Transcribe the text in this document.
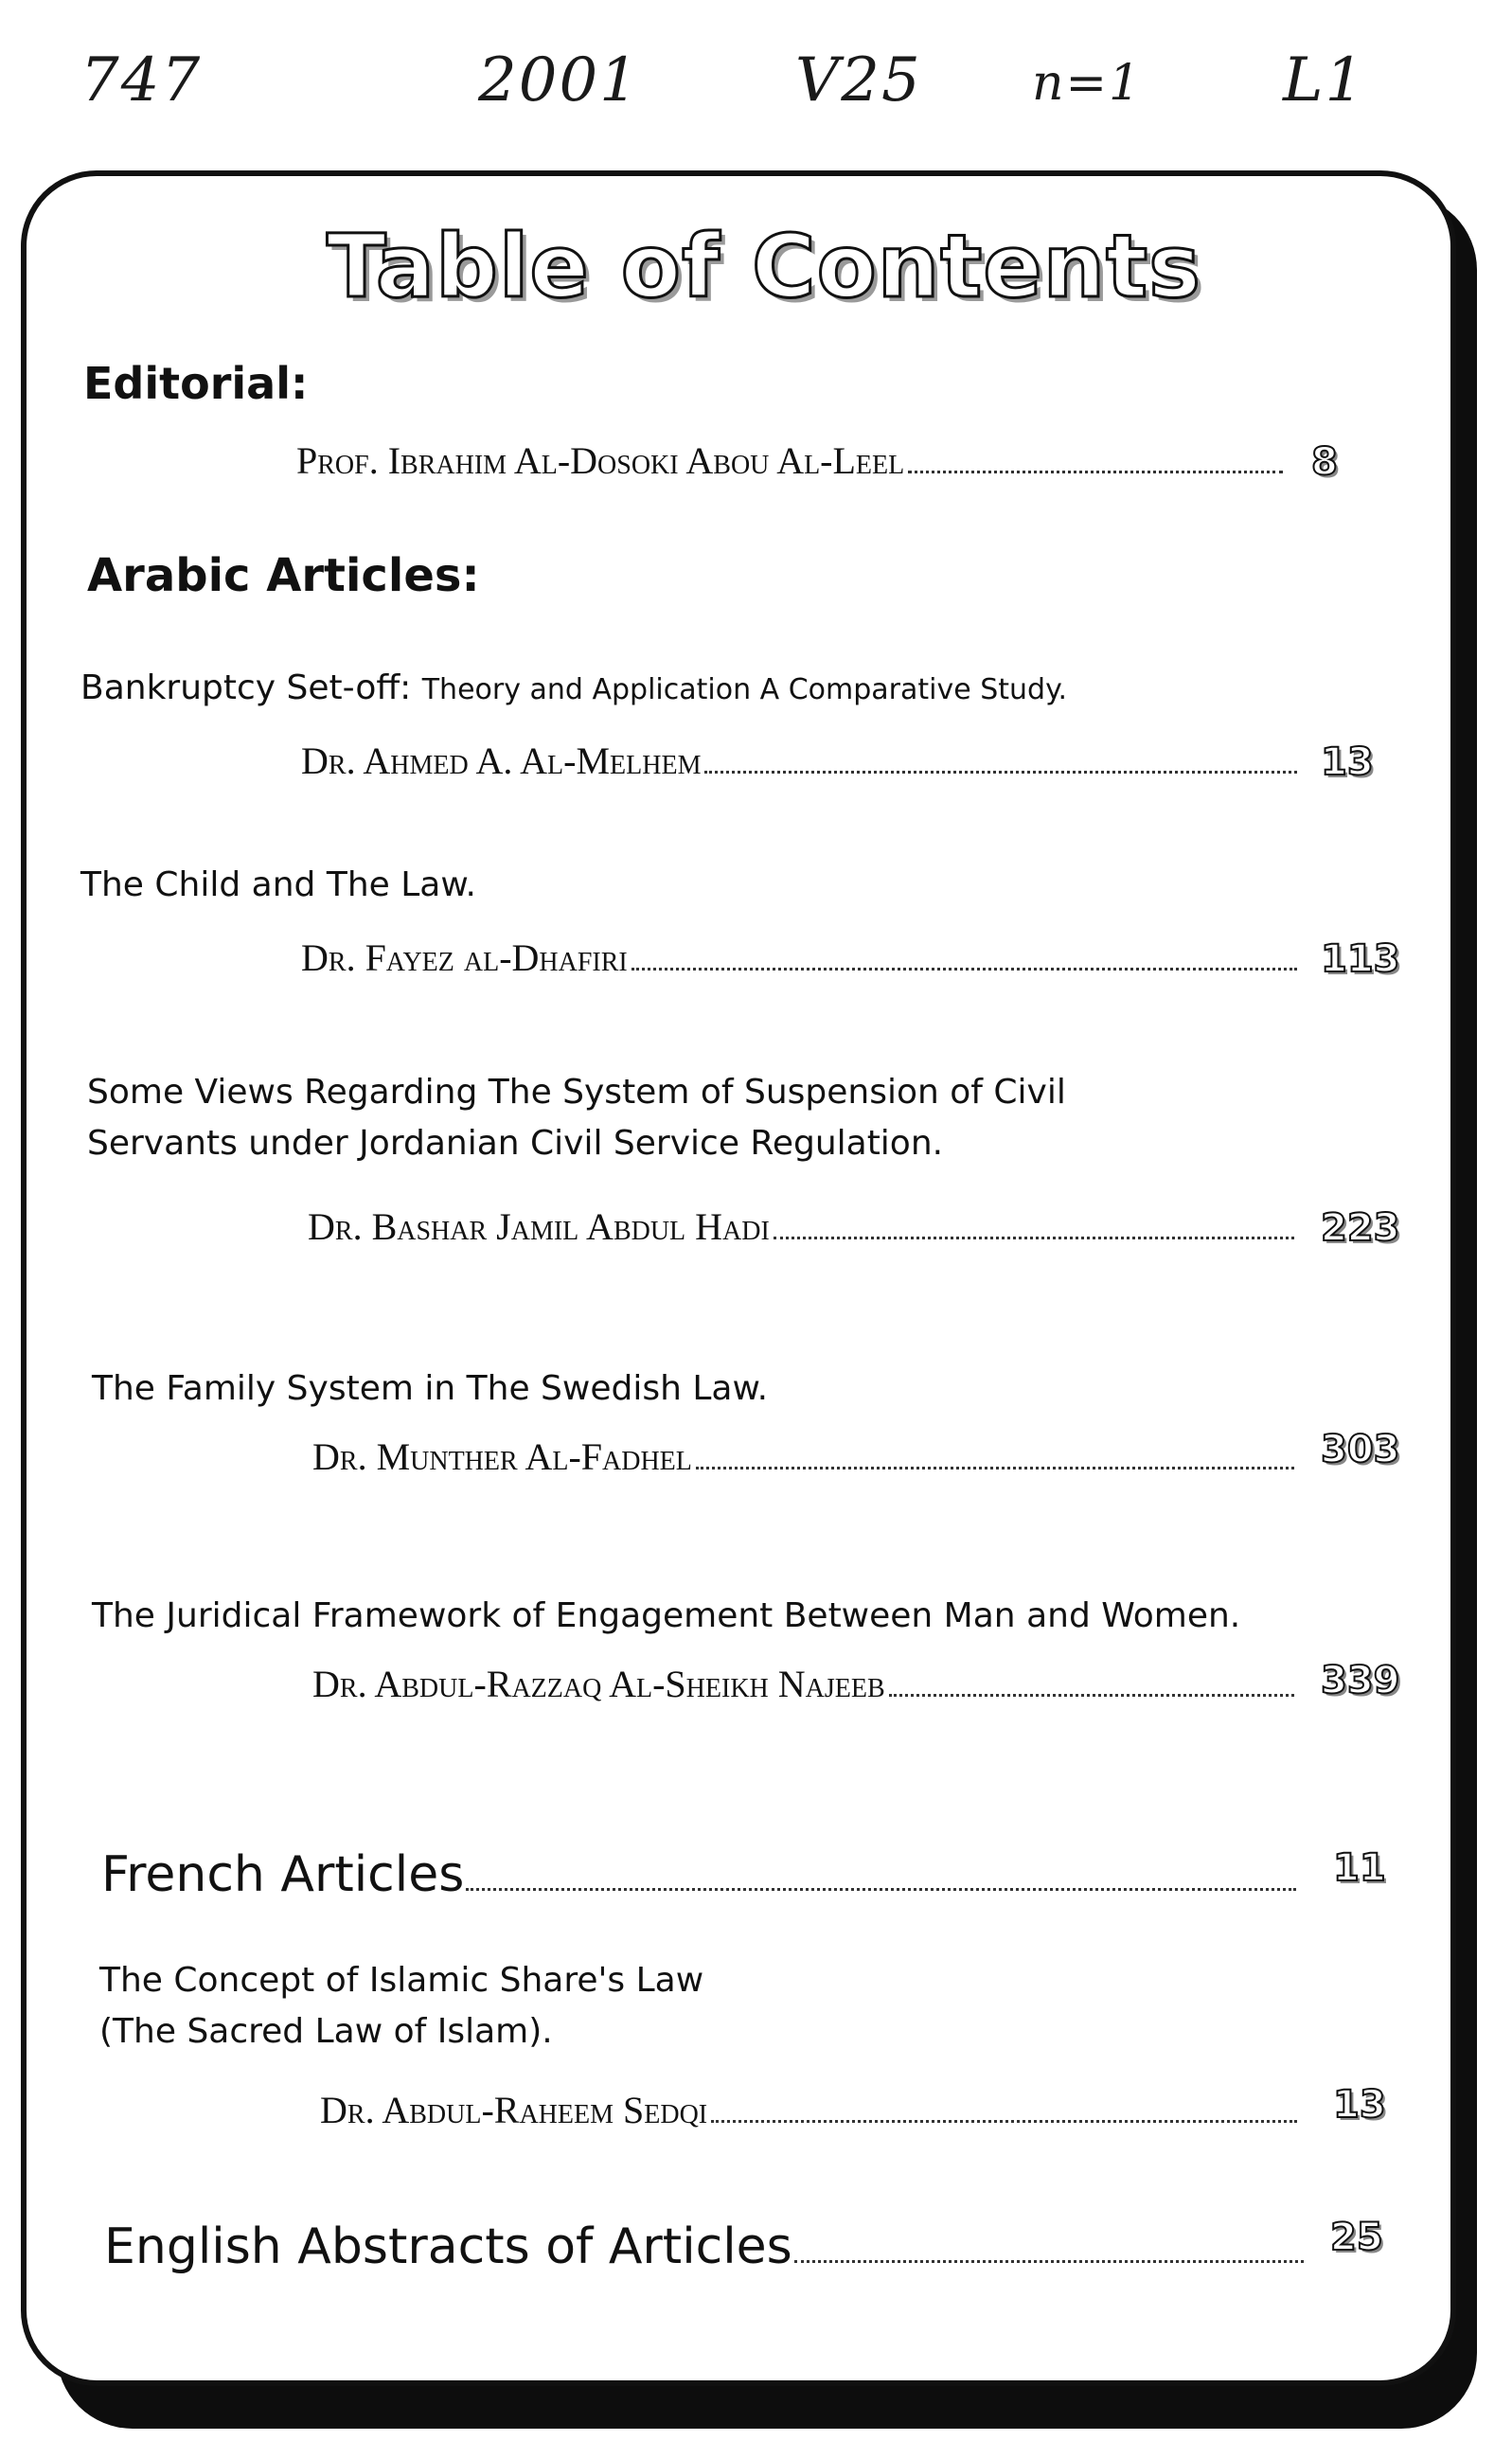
747	2001	V25 n=1 L1
Table of Contents
Editorial:
Prof. Ibrahim Al-Dosoki Abou Al-Leel	8
Arabic Articles:
Bankruptcy Set-off: Theory and Application A Comparative Study.
Dr. Ahmed A. Al-Melhem	13
The Child and The Law.
Dr. Fayez al-Dhafiri	113
Some Views Regarding The System of Suspension of Civil
Servants under Jordanian Civil Service Regulation.
Dr. Bashar Jamil Abdul Hadi	223
The Family System in The Swedish Law.
Dr. Munther Al-Fadhel	303
The Juridical Framework of Engagement Between Man and Women.
Dr. Abdul-Razzaq Al-Sheikh Najeeb	339
French Articles	11
The Concept of Islamic Share's Law
(The Sacred Law of Islam).
Dr. Abdul-Raheem Sedqi	13
English Abstracts of Articles	25
